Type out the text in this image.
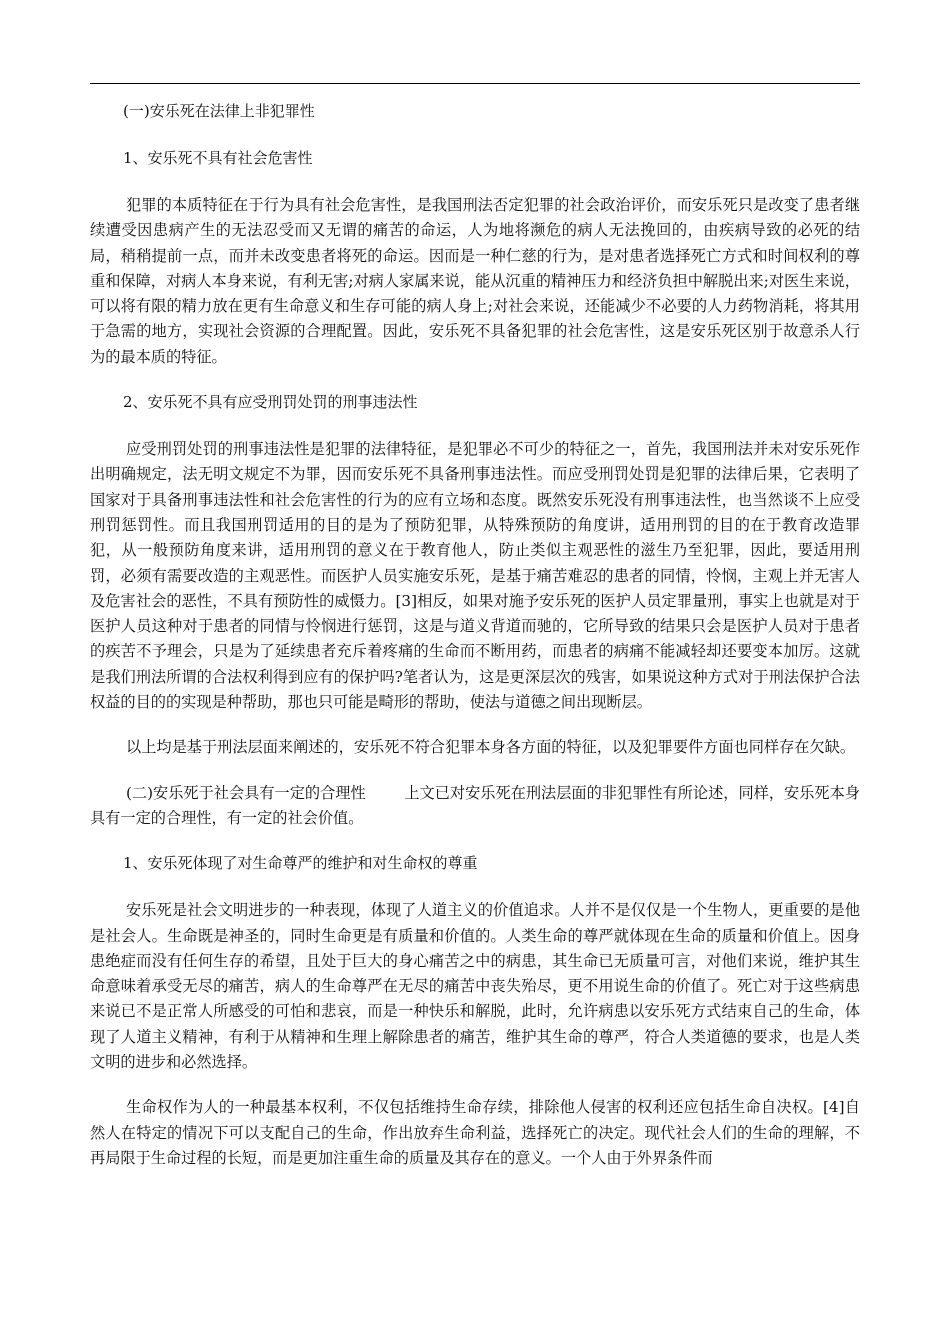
(一)安乐死在法律上非犯罪性

1、安乐死不具有社会危害性

犯罪的本质特征在于行为具有社会危害性，是我国刑法否定犯罪的社会政治评价，而安乐死只是改变了患者继续遭受因患病产生的无法忍受而又无谓的痛苦的命运，人为地将濒危的病人无法挽回的，由疾病导致的必死的结局，稍稍提前一点，而并未改变患者将死的命运。因而是一种仁慈的行为，是对患者选择死亡方式和时间权利的尊重和保障，对病人本身来说，有利无害;对病人家属来说，能从沉重的精神压力和经济负担中解脱出来;对医生来说，可以将有限的精力放在更有生命意义和生存可能的病人身上;对社会来说，还能减少不必要的人力药物消耗，将其用于急需的地方，实现社会资源的合理配置。因此，安乐死不具备犯罪的社会危害性，这是安乐死区别于故意杀人行为的最本质的特征。

2、安乐死不具有应受刑罚处罚的刑事违法性

应受刑罚处罚的刑事违法性是犯罪的法律特征，是犯罪必不可少的特征之一，首先，我国刑法并未对安乐死作出明确规定，法无明文规定不为罪，因而安乐死不具备刑事违法性。而应受刑罚处罚是犯罪的法律后果，它表明了国家对于具备刑事违法性和社会危害性的行为的应有立场和态度。既然安乐死没有刑事违法性，也当然谈不上应受刑罚惩罚性。而且我国刑罚适用的目的是为了预防犯罪，从特殊预防的角度讲，适用刑罚的目的在于教育改造罪犯，从一般预防角度来讲，适用刑罚的意义在于教育他人，防止类似主观恶性的滋生乃至犯罪，因此，要适用刑罚，必须有需要改造的主观恶性。而医护人员实施安乐死，是基于痛苦难忍的患者的同情，怜悯，主观上并无害人及危害社会的恶性，不具有预防性的威慑力。[3]相反，如果对施予安乐死的医护人员定罪量刑，事实上也就是对于医护人员这种对于患者的同情与怜悯进行惩罚，这是与道义背道而驰的，它所导致的结果只会是医护人员对于患者的疾苦不予理会，只是为了延续患者充斥着疼痛的生命而不断用药，而患者的病痛不能减轻却还要变本加厉。这就是我们刑法所谓的合法权利得到应有的保护吗?笔者认为，这是更深层次的残害，如果说这种方式对于刑法保护合法权益的目的的实现是种帮助，那也只可能是畸形的帮助，使法与道德之间出现断层。

以上均是基于刑法层面来阐述的，安乐死不符合犯罪本身各方面的特征，以及犯罪要件方面也同样存在欠缺。

(二)安乐死于社会具有一定的合理性	上文已对安乐死在刑法层面的非犯罪性有所论述，同样，安乐死本身具有一定的合理性，有一定的社会价值。

1、安乐死体现了对生命尊严的维护和对生命权的尊重

安乐死是社会文明进步的一种表现，体现了人道主义的价值追求。人并不是仅仅是一个生物人，更重要的是他是社会人。生命既是神圣的，同时生命更是有质量和价值的。人类生命的尊严就体现在生命的质量和价值上。因身患绝症而没有任何生存的希望，且处于巨大的身心痛苦之中的病患，其生命已无质量可言，对他们来说，维护其生命意味着承受无尽的痛苦，病人的生命尊严在无尽的痛苦中丧失殆尽，更不用说生命的价值了。死亡对于这些病患来说已不是正常人所感受的可怕和悲哀，而是一种快乐和解脱，此时，允许病患以安乐死方式结束自己的生命，体现了人道主义精神，有利于从精神和生理上解除患者的痛苦，维护其生命的尊严，符合人类道德的要求，也是人类文明的进步和必然选择。

生命权作为人的一种最基本权利，不仅包括维持生命存续，排除他人侵害的权利还应包括生命自决权。[4]自然人在特定的情况下可以支配自己的生命，作出放弃生命利益，选择死亡的决定。现代社会人们的生命的理解，不再局限于生命过程的长短，而是更加注重生命的质量及其存在的意义。一个人由于外界条件而
